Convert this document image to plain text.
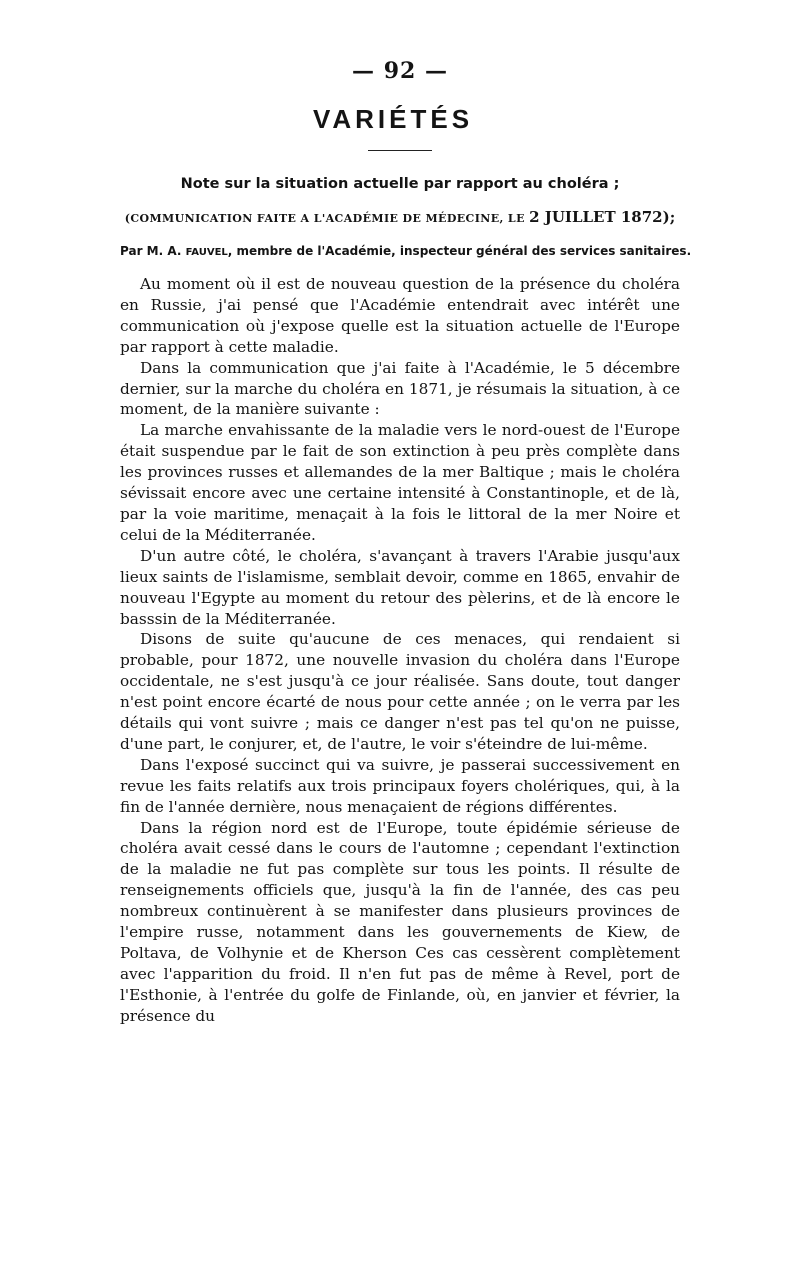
— 92 —
VARIÉTÉS
Note sur la situation actuelle par rapport au choléra ;
(COMMUNICATION FAITE A L'ACADÉMIE DE MÉDECINE, LE 2 JUILLET 1872);
Par M. A. FAUVEL, membre de l'Académie, inspecteur général des services sanitaires.

Au moment où il est de nouveau question de la présence du choléra en Russie, j'ai pensé que l'Académie entendrait avec intérêt une communication où j'expose quelle est la situation actuelle de l'Europe par rapport à cette maladie.

Dans la communication que j'ai faite à l'Académie, le 5 décembre dernier, sur la marche du choléra en 1871, je résumais la situation, à ce moment, de la manière suivante :

La marche envahissante de la maladie vers le nord-ouest de l'Europe était suspendue par le fait de son extinction à peu près complète dans les provinces russes et allemandes de la mer Baltique ; mais le choléra sévissait encore avec une certaine intensité à Constantinople, et de là, par la voie maritime, menaçait à la fois le littoral de la mer Noire et celui de la Méditerranée.

D'un autre côté, le choléra, s'avançant à travers l'Arabie jusqu'aux lieux saints de l'islamisme, semblait devoir, comme en 1865, envahir de nouveau l'Egypte au moment du retour des pèlerins, et de là encore le basssin de la Méditerranée.

Disons de suite qu'aucune de ces menaces, qui rendaient si probable, pour 1872, une nouvelle invasion du choléra dans l'Europe occidentale, ne s'est jusqu'à ce jour réalisée. Sans doute, tout danger n'est point encore écarté de nous pour cette année ; on le verra par les détails qui vont suivre ; mais ce danger n'est pas tel qu'on ne puisse, d'une part, le conjurer, et, de l'autre, le voir s'éteindre de lui-même.

Dans l'exposé succinct qui va suivre, je passerai successivement en revue les faits relatifs aux trois principaux foyers cholériques, qui, à la fin de l'année dernière, nous menaçaient de régions différentes.

Dans la région nord est de l'Europe, toute épidémie sérieuse de choléra avait cessé dans le cours de l'automne ; cependant l'extinction de la maladie ne fut pas complète sur tous les points. Il résulte de renseignements officiels que, jusqu'à la fin de l'année, des cas peu nombreux continuèrent à se manifester dans plusieurs provinces de l'empire russe, notamment dans les gouvernements de Kiew, de Poltava, de Volhynie et de Kherson Ces cas cessèrent complètement avec l'apparition du froid. Il n'en fut pas de même à Revel, port de l'Esthonie, à l'entrée du golfe de Finlande, où, en janvier et février, la présence du
